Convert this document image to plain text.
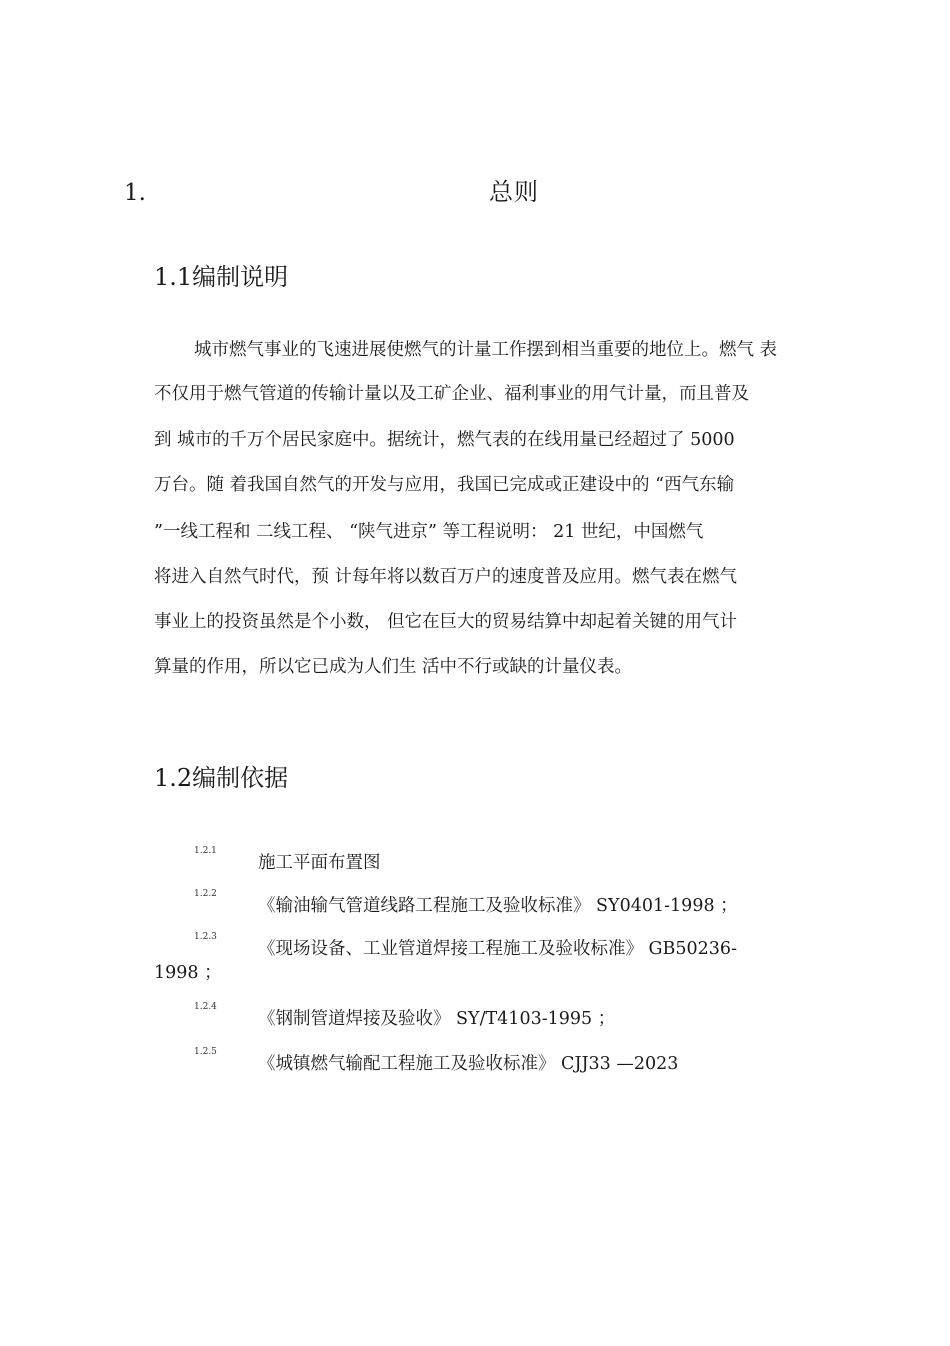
1.	总则
1.1编制说明
城市燃气事业的飞速进展使燃气的计量工作摆到相当重要的地位上。燃气 表
不仅用于燃气管道的传输计量以及工矿企业、福利事业的用气计量，而且普及
到 城市的千万个居民家庭中。据统计，燃气表的在线用量已经超过了 5000
万台。随 着我国自然气的开发与应用，我国已完成或正建设中的 “西气东输
”一线工程和 二线工程、 “陕气进京” 等工程说明： 21 世纪，中国燃气
将进入自然气时代，预 计每年将以数百万户的速度普及应用。燃气表在燃气
事业上的投资虽然是个小数， 但它在巨大的贸易结算中却起着关键的用气计
算量的作用，所以它已成为人们生 活中不行或缺的计量仪表。
1.2编制依据
1.2.1
施工平面布置图
1.2.2
《输油输气管道线路工程施工及验收标准》 SY0401-1998 ；
1.2.3
《现场设备、工业管道焊接工程施工及验收标准》 GB50236-
1998 ；
1.2.4
《钢制管道焊接及验收》 SY/T4103-1995 ；
1.2.5
《城镇燃气输配工程施工及验收标准》 CJJ33 —2023
